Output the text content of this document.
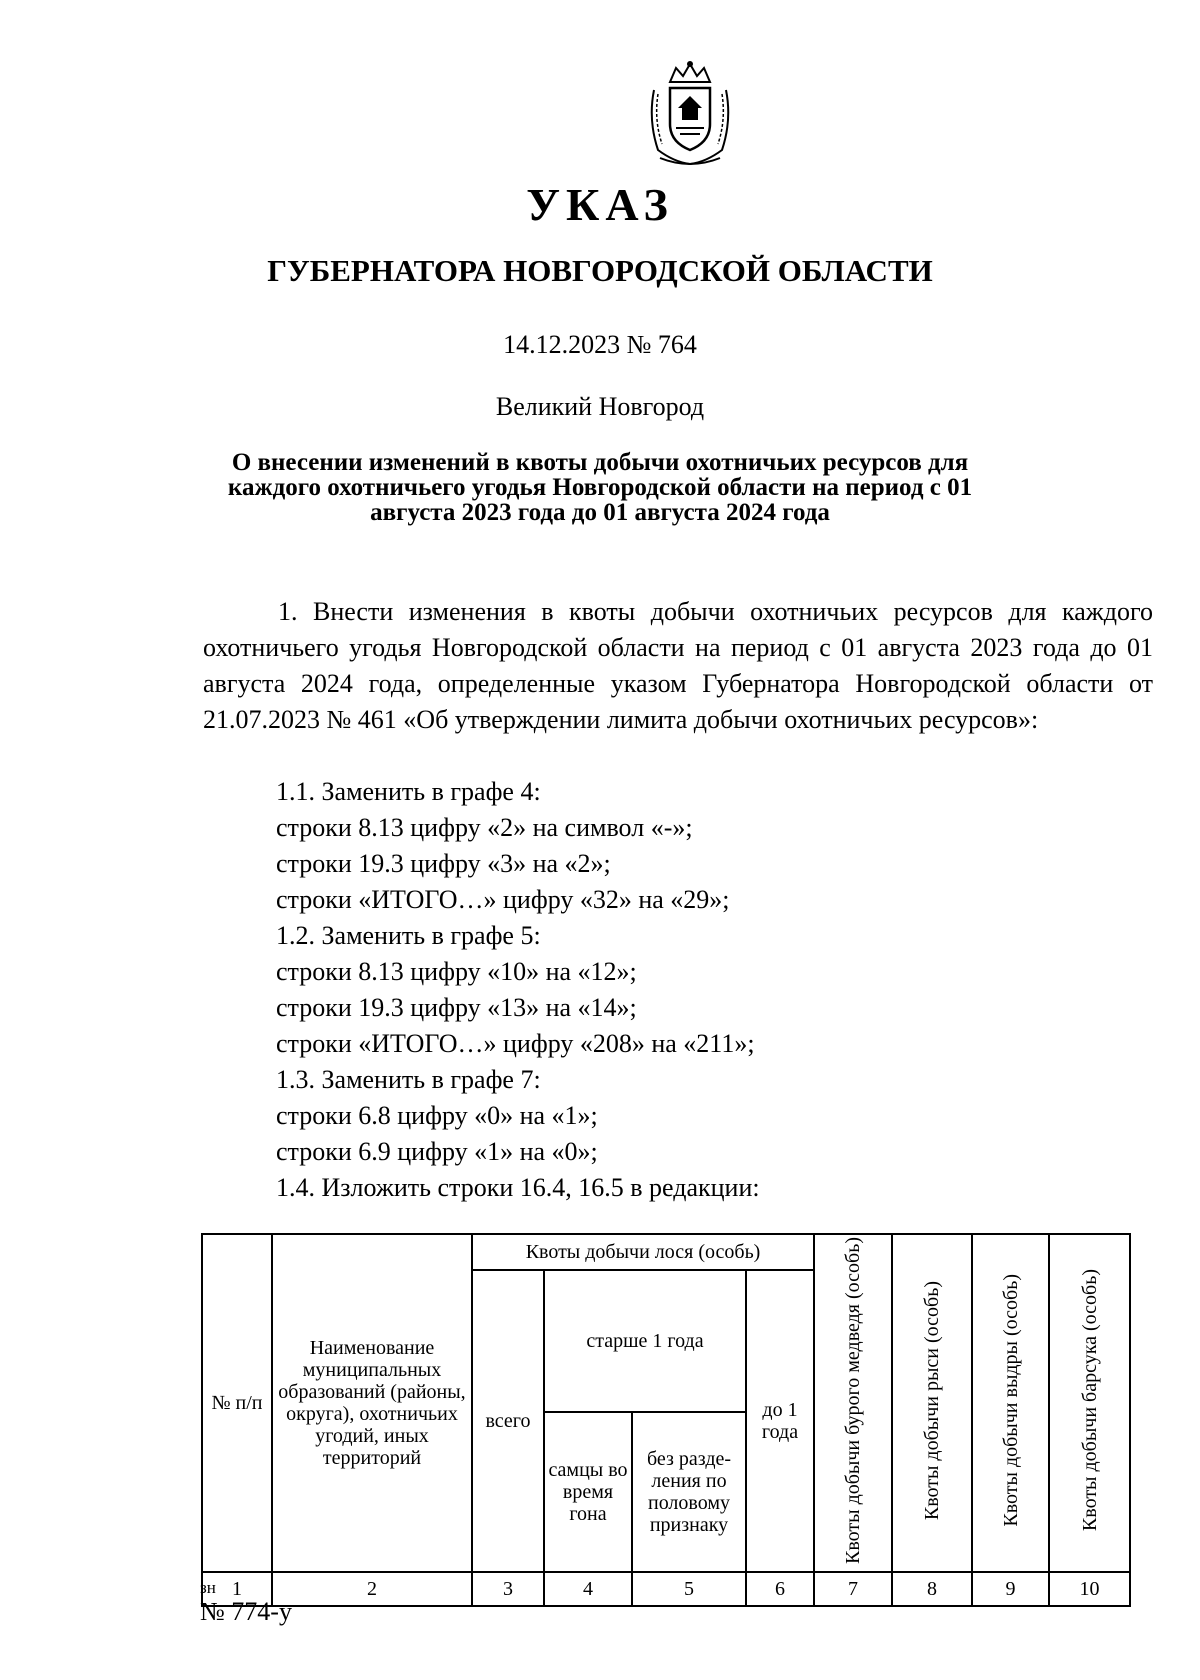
УКАЗ
ГУБЕРНАТОРА НОВГОРОДСКОЙ ОБЛАСТИ
14.12.2023 № 764
Великий Новгород
О внесении изменений в квоты добычи охотничьих ресурсов для каждого охотничьего угодья Новгородской области на период с 01 августа 2023 года до 01 августа 2024 года
1. Внести изменения в квоты добычи охотничьих ресурсов для каждого охотничьего угодья Новгородской области на период с 01 августа 2023 года до 01 августа 2024 года, определенные указом Губернатора Новгородской области от 21.07.2023 № 461 «Об утверждении лимита добычи охотничьих ресурсов»:
1.1. Заменить в графе 4:
строки 8.13 цифру «2» на символ «-»;
строки 19.3 цифру «3» на «2»;
строки «ИТОГО…» цифру «32» на «29»;
1.2. Заменить в графе 5:
строки 8.13 цифру «10» на «12»;
строки 19.3 цифру «13» на «14»;
строки «ИТОГО…» цифру «208» на «211»;
1.3. Заменить в графе 7:
строки 6.8 цифру «0» на «1»;
строки 6.9 цифру «1» на «0»;
1.4. Изложить строки 16.4, 16.5 в редакции:
№ п/п	Наименование муниципальных образований (районы, округа), охотничьих угодий, иных территорий	Квоты добычи лося (особь)				Квоты добычи бурого медведя (особь)	Квоты добычи рыси (особь)	Квоты добычи выдры (особь)	Квоты добычи барсука (особь)
		всего	старше 1 года		до 1 года				
			самцы во время гона	без разде-ления по половому признаку					
1	2	3	4	5	6	7	8	9	10
зн
№ 774-у
